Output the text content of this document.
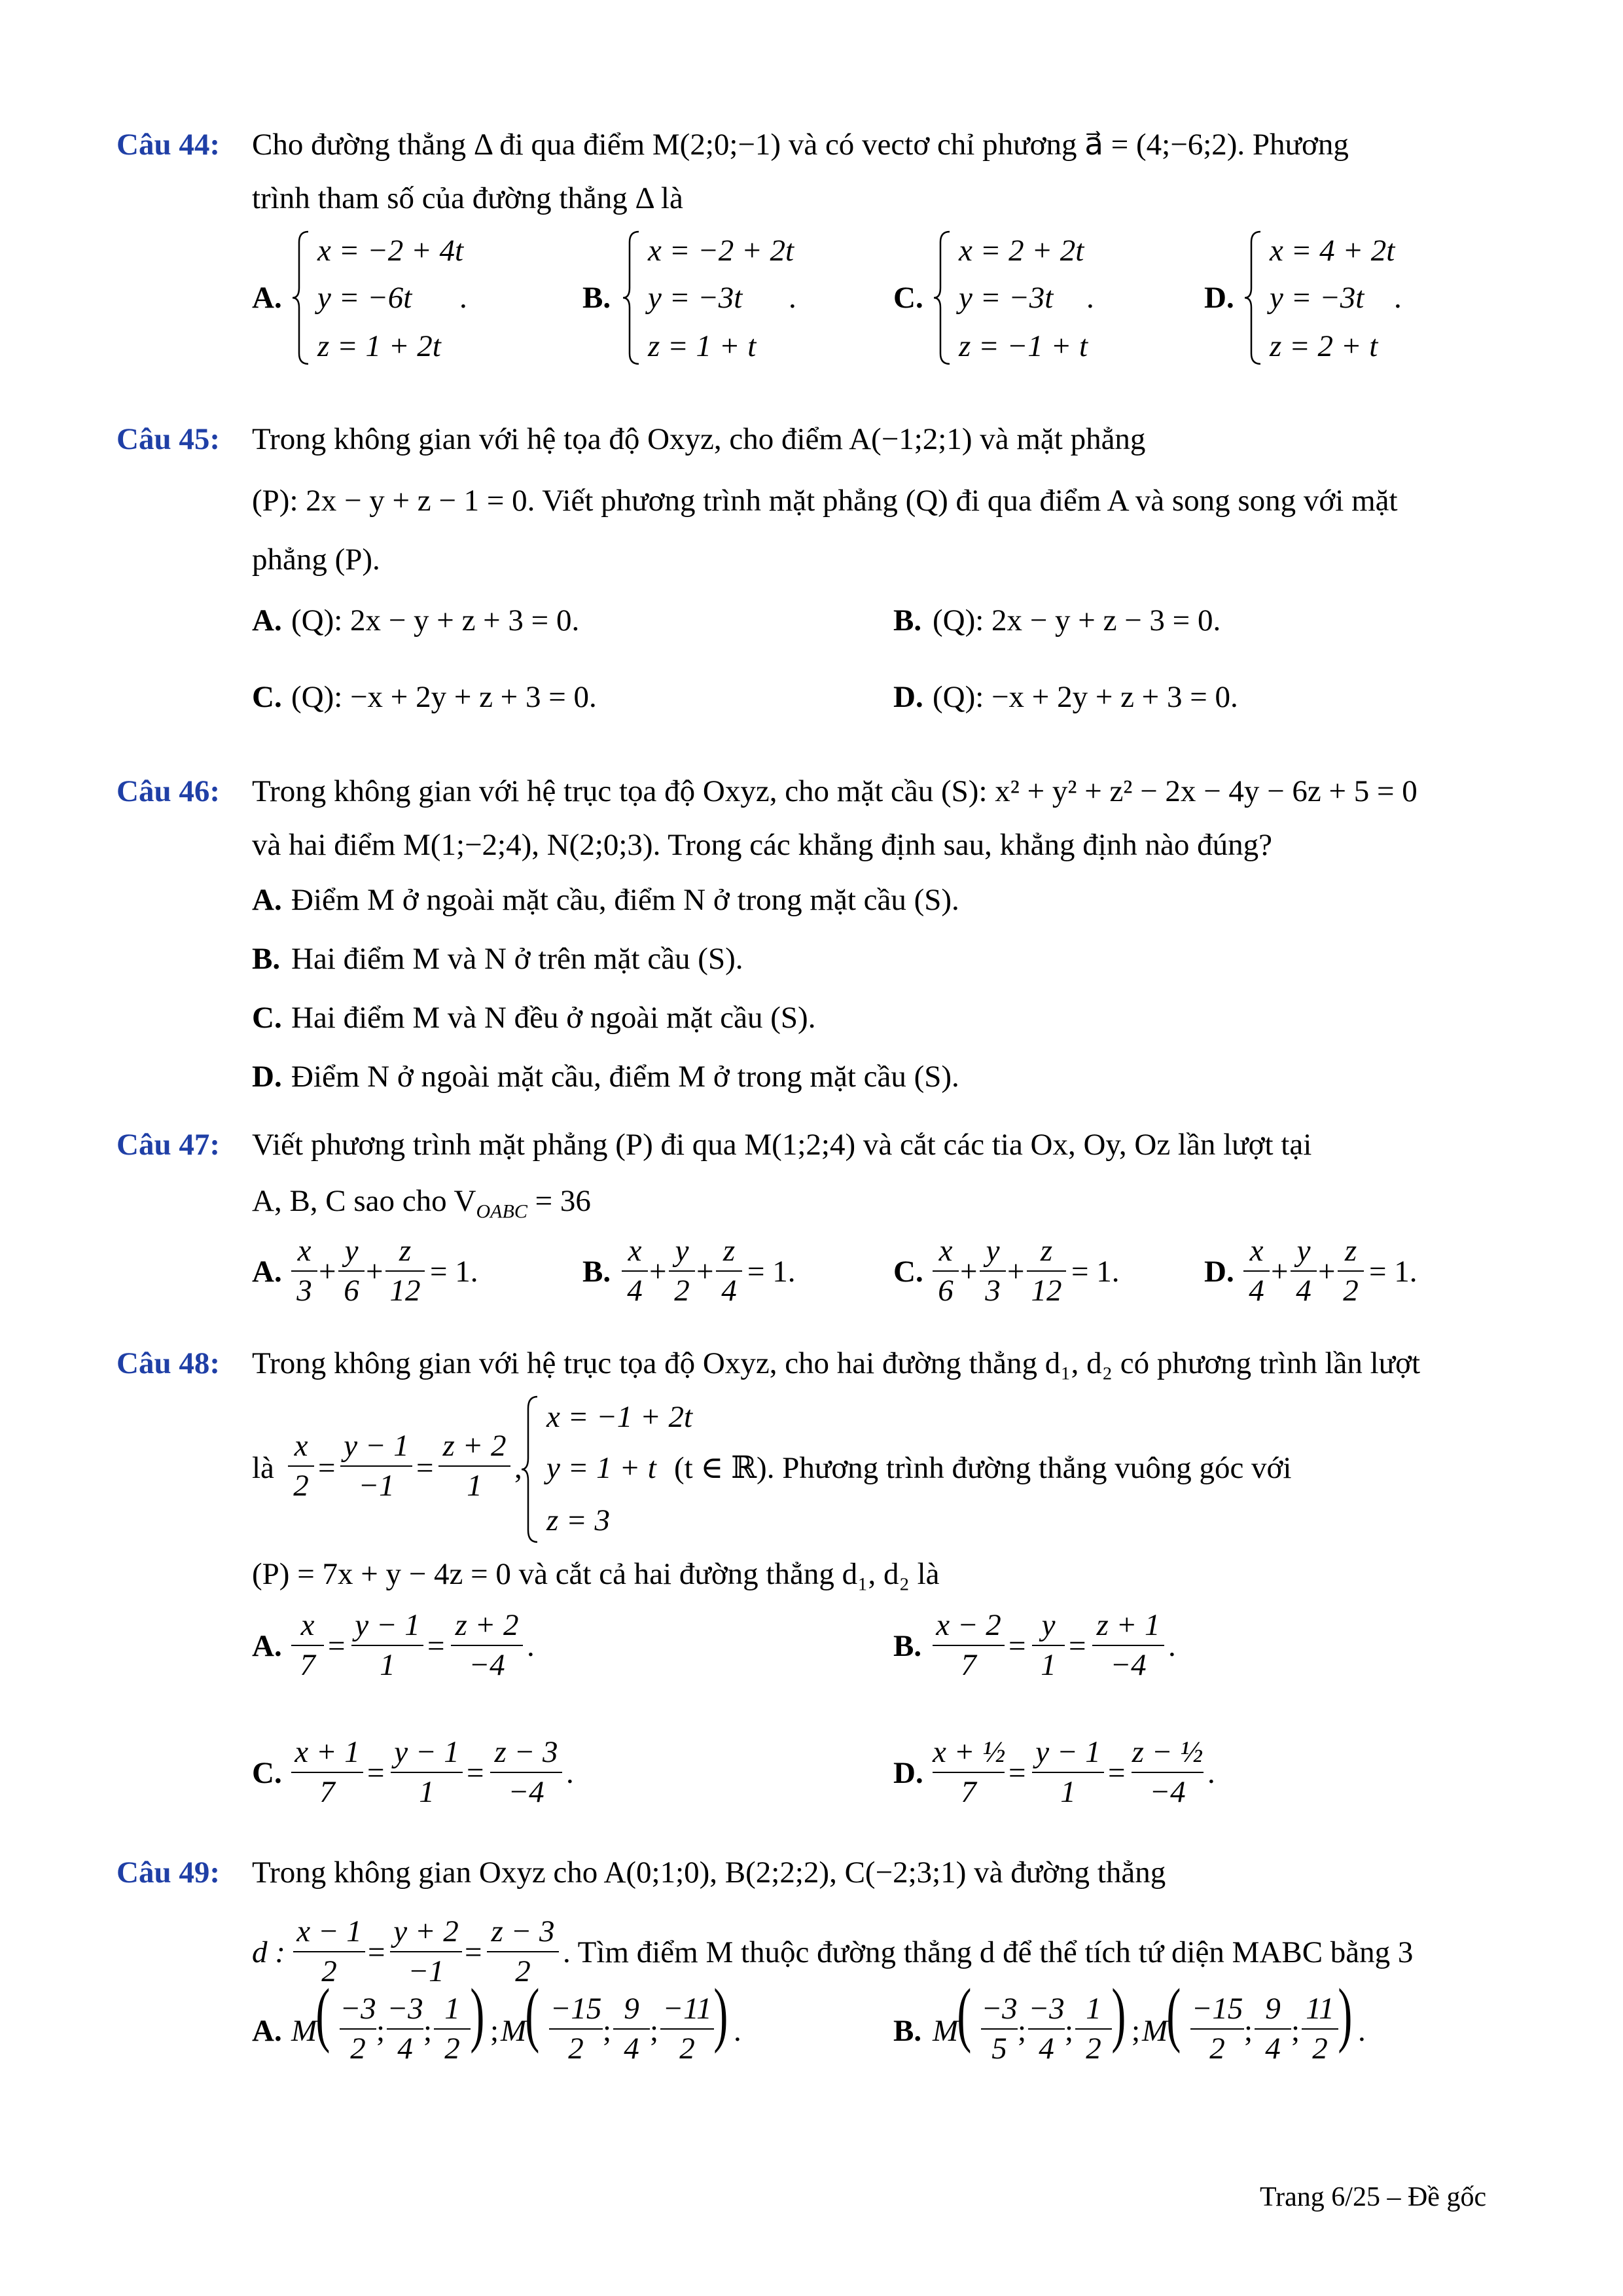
Câu 44: Cho đường thẳng Δ đi qua điểm M(2;0;−1) và có vectơ chỉ phương a⃗ = (4;−6;2). Phương
trình tham số của đường thẳng Δ là
A.
x = −2 + 4t
y = −6t
z = 1 + 2t
.	B.
x = −2 + 2t
y = −3t
z = 1 + t
.	C.
x = 2 + 2t
y = −3t
z = −1 + t
.	D.
x = 4 + 2t
y = −3t
z = 2 + t
.
Câu 45: Trong không gian với hệ tọa độ Oxyz, cho điểm A(−1;2;1) và mặt phẳng
(P): 2x − y + z − 1 = 0. Viết phương trình mặt phẳng (Q) đi qua điểm A và song song với mặt
phẳng (P).
A. (Q): 2x − y + z + 3 = 0.	B. (Q): 2x − y + z − 3 = 0.
C. (Q): −x + 2y + z + 3 = 0.	D. (Q): −x + 2y + z + 3 = 0.
Câu 46: Trong không gian với hệ trục tọa độ Oxyz, cho mặt cầu (S): x² + y² + z² − 2x − 4y − 6z + 5 = 0
và hai điểm M(1;−2;4), N(2;0;3). Trong các khẳng định sau, khẳng định nào đúng?
A. Điểm M ở ngoài mặt cầu, điểm N ở trong mặt cầu (S).
B. Hai điểm M và N ở trên mặt cầu (S).
C. Hai điểm M và N đều ở ngoài mặt cầu (S).
D. Điểm N ở ngoài mặt cầu, điểm M ở trong mặt cầu (S).
Câu 47: Viết phương trình mặt phẳng (P) đi qua M(1;2;4) và cắt các tia Ox, Oy, Oz lần lượt tại
A, B, C sao cho $V_{OABC} = 36$
A.	B.	C.	D.
x
3
+
y
6
+
z
12
= 1.
x
4
+
y
2
+
z
4
= 1.
x
6
+
y
3
+
z
12
= 1.
x
4
+
y
4
+
z
2
= 1.
Câu 48: Trong không gian với hệ trục tọa độ Oxyz, cho hai đường thẳng d₁, d₂ có phương trình lần lượt
là
x
2
=
y − 1
−1
=
z + 2
1
,
x = −1 + 2t
y = 1 + t
z = 3
(t ∈ ℝ). Phương trình đường thẳng vuông góc với
(P) = 7x + y − 4z = 0 và cắt cả hai đường thẳng d₁, d₂ là
A.	B.
C.	D.
x
7
=
y − 1
1
=
z + 2
−4
.
x − 2
7
=
y
1
=
z + 1
−4
.
x + 1
7
=
y − 1
1
=
z − 3
−4
.
x + ½
7
=
y − 1
1
=
z − ½
−4
.
Câu 49: Trong không gian Oxyz cho A(0;1;0), B(2;2;2), C(−2;3;1) và đường thẳng
d :
x − 1
2
=
y + 2
−1
=
z − 3
2
. Tìm điểm M thuộc đường thẳng d để thể tích tứ diện MABC bằng 3
A.	B.
M
( −3
2
;
−3
4
;
1
2 ) ; M
( −15
2
;
9
4
;
−11
2 ) .	M
( −3
5
;
−3
4
;
1
2 ) ; M
( −15
2
;
9
4
;
11
2 ) .
Trang 6/25 – Đề gốc
